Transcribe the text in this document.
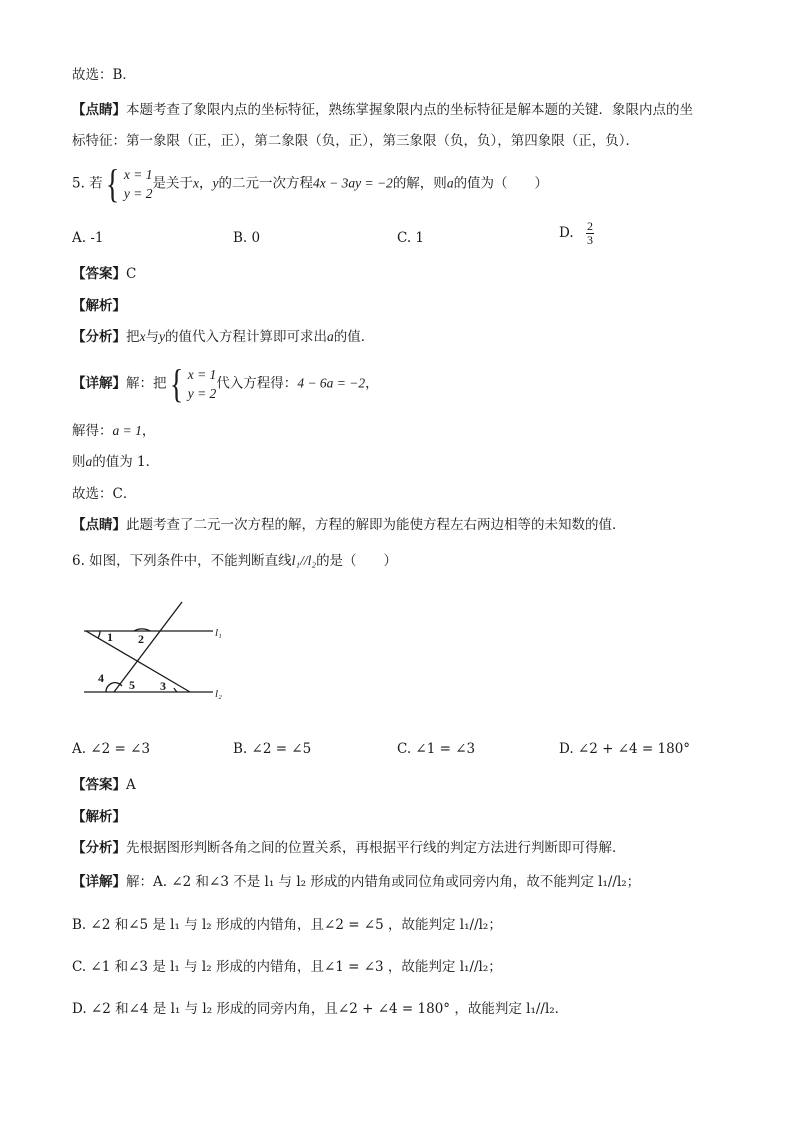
故选：B．
【点睛】本题考查了象限内点的坐标特征，熟练掌握象限内点的坐标特征是解本题的关键．象限内点的坐
标特征：第一象限（正，正），第二象限（负，正），第三象限（负，负），第四象限（正，负）．
5. 若 { x = 1
y = 2
是关于x，y的二元一次方程4x − 3ay = −2的解，则a的值为（　　）
A. -1	B. 0	C. 1	D. $\frac{2}{3}$
【答案】C
【解析】
【分析】把x与y的值代入方程计算即可求出a的值．
【详解】解：把 { x = 1
y = 2
代入方程得：4 − 6a = −2，
解得：a = 1，
则a的值为 1．
故选：C．
【点睛】此题考查了二元一次方程的解，方程的解即为能使方程左右两边相等的未知数的值．
6. 如图，下列条件中，不能判断直线l₁//l₂的是（　　）
1 2
3
4 5
l₁
l₂
A. ∠2 = ∠3	B. ∠2 = ∠5	C. ∠1 = ∠3	D. ∠2 + ∠4 = 180°
【答案】A
【解析】
【分析】先根据图形判断各角之间的位置关系，再根据平行线的判定方法进行判断即可得解．
【详解】解：A. ∠2 和∠3 不是 l₁ 与 l₂ 形成的内错角或同位角或同旁内角，故不能判定 l₁//l₂；
B. ∠2 和∠5 是 l₁ 与 l₂ 形成的内错角，且∠2 = ∠5 ，故能判定 l₁//l₂；
C. ∠1 和∠3 是 l₁ 与 l₂ 形成的内错角，且∠1 = ∠3 ，故能判定 l₁//l₂；
D. ∠2 和∠4 是 l₁ 与 l₂ 形成的同旁内角，且∠2 + ∠4 = 180° ，故能判定 l₁//l₂．
